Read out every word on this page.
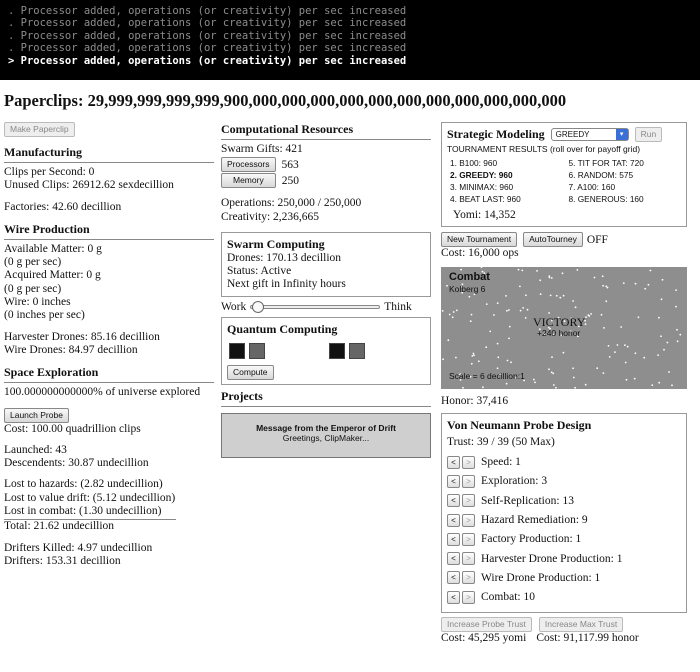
. Processor added, operations (or creativity) per sec increased
. Processor added, operations (or creativity) per sec increased
. Processor added, operations (or creativity) per sec increased
. Processor added, operations (or creativity) per sec increased
> Processor added, operations (or creativity) per sec increased
Paperclips: 29,999,999,999,999,900,000,000,000,000,000,000,000,000,000,000,000
Make Paperclip
Manufacturing

Clips per Second: 0

Unused Clips: 26912.62 sexdecillion

Factories: 42.60 decillion

Wire Production

Available Matter: 0 g

(0 g per sec)

Acquired Matter: 0 g

(0 g per sec)

Wire: 0 inches

(0 inches per sec)

Harvester Drones: 85.16 decillion

Wire Drones: 84.97 decillion

Space Exploration

100.000000000000% of universe explored

Launch Probe

Cost: 100.00 quadrillion clips

Launched: 43

Descendents: 30.87 undecillion

Lost to hazards: (2.82 undecillion)

Lost to value drift: (5.12 undecillion)

Lost in combat: (1.30 undecillion)

Total: 21.62 undecillion

Drifters Killed: 4.97 undecillion

Drifters: 153.31 decillion

Computational Resources

Swarm Gifts: 421

Processors	563
Memory	250

Operations: 250,000 / 250,000

Creativity: 2,236,665

Swarm Computing

Drones: 170.13 decillion

Status: Active

Next gift in Infinity hours

Work	Think
Quantum Computing
Compute
Projects
Message from the Emperor of Drift
Greetings, ClipMaker...
Strategic Modeling	GREEDY	▾	Run
TOURNAMENT RESULTS (roll over for payoff grid)
1. B100: 960	5. TIT FOR TAT: 720
2. GREEDY: 960	6. RANDOM: 575
3. MINIMAX: 960	7. A100: 160
4. BEAT LAST: 960	8. GENEROUS: 160

Yomi: 14,352

New Tournament	AutoTourney OFF

Cost: 16,000 ops

Combat
Kolberg 6
VICTORY
+240 honor
Scale = 6 decillion:1

Honor: 37,416

Von Neumann Probe Design

Trust: 39 / 39 (50 Max)

<	> Speed: 1
<	> Exploration: 3
<	> Self-Replication: 13
<	> Hazard Remediation: 9
<	> Factory Production: 1
<	> Harvester Drone Production: 1
<	> Wire Drone Production: 1
<	> Combat: 10
Increase Probe Trust	Increase Max Trust

Cost: 45,295 yomi Cost: 91,117.99 honor
